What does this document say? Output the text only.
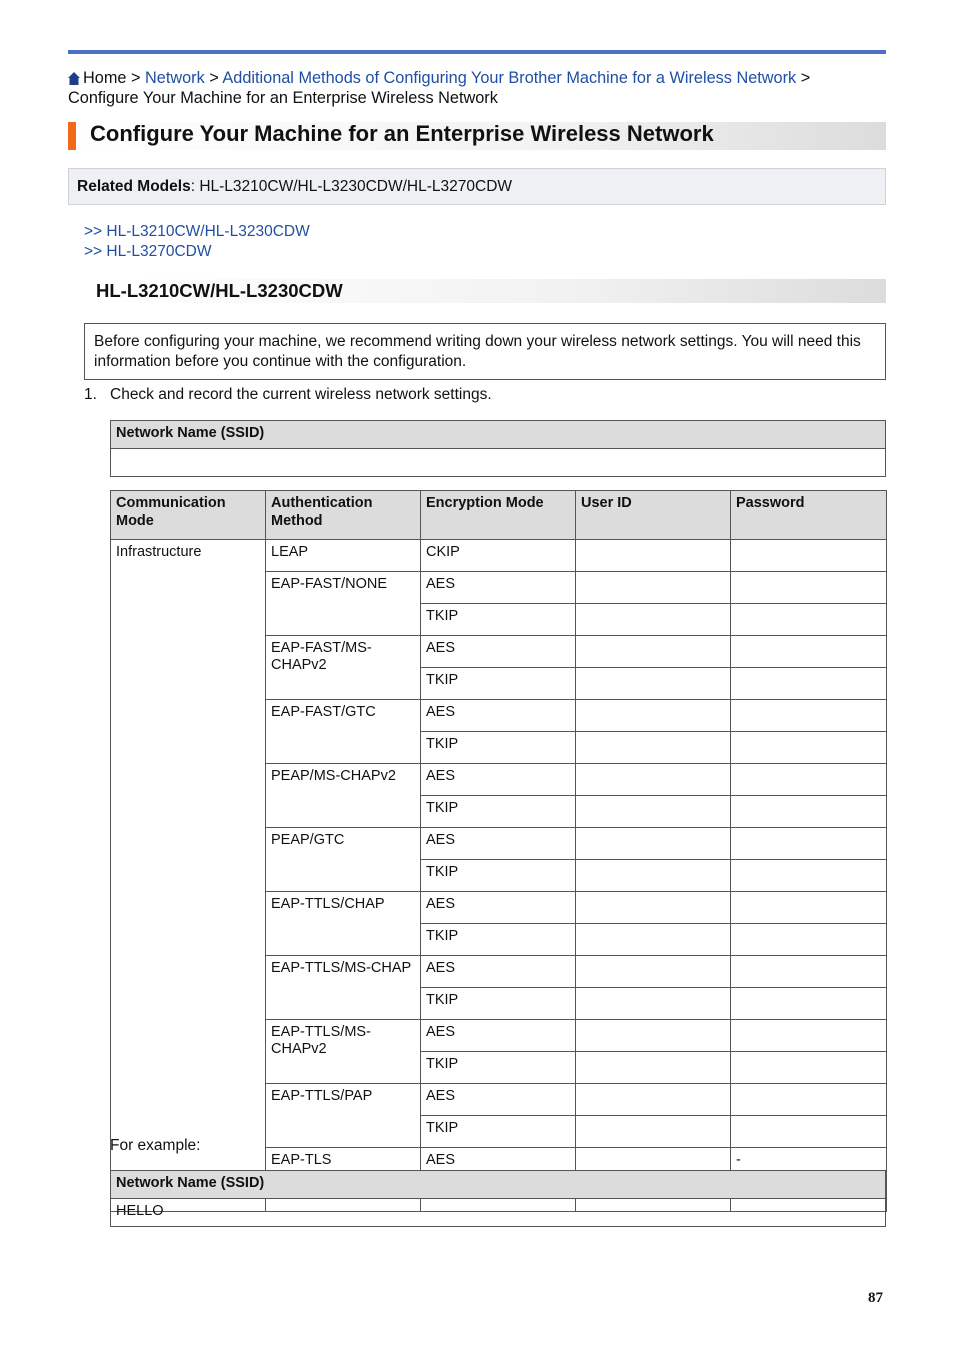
Home > Network > Additional Methods of Configuring Your Brother Machine for a Wireless Network > Configure Your Machine for an Enterprise Wireless Network
Configure Your Machine for an Enterprise Wireless Network
Related Models: HL-L3210CW/HL-L3230CDW/HL-L3270CDW
>> HL-L3210CW/HL-L3230CDW
>> HL-L3270CDW
HL-L3210CW/HL-L3230CDW
Before configuring your machine, we recommend writing down your wireless network settings. You will need this information before you continue with the configuration.
1. Check and record the current wireless network settings.
Network Name (SSID)

Communication Mode	Authentication Method	Encryption Mode	User ID	Password
Infrastructure	LEAP	CKIP		
	EAP-FAST/NONE	AES		
		TKIP		
	EAP-FAST/MS-CHAPv2	AES		
		TKIP		
	EAP-FAST/GTC	AES		
		TKIP		
	PEAP/MS-CHAPv2	AES		
		TKIP		
	PEAP/GTC	AES		
		TKIP		
	EAP-TTLS/CHAP	AES		
		TKIP		
	EAP-TTLS/MS-CHAP	AES		
		TKIP		
	EAP-TTLS/MS-CHAPv2	AES		
		TKIP		
	EAP-TTLS/PAP	AES		
		TKIP		
	EAP-TLS	AES		-

For example:
Network Name (SSID)
HELLO
87
